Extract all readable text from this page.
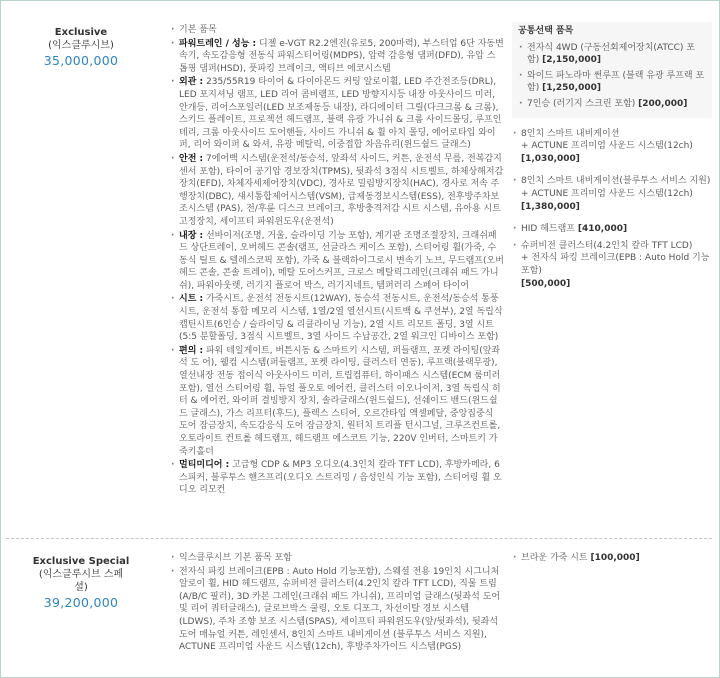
Exclusive
(익스클루시브)
35,000,000
· 기본 품목
· 파워트레인 / 성능 : 디젤 e-VGT R2.2엔진(유로5, 200마력), 부스터업 6단 자동변속기, 속도감응형 전동식 파워스티어링(MDPS), 압력 감응형 댐퍼(DFD), 유압 스톱핑 댐퍼(HSD), 풋파킹 브레이크, 액티브 에코시스템
· 외관 : 235/55R19 타이어 & 다이아몬드 커팅 알로이휠, LED 주간전조등(DRL), LED 포지셔닝 램프, LED 리어 콤비램프, LED 방향지시등 내장 아웃사이드 미러, 안개등, 리어스포일러(LED 보조제동등 내장), 라디에이터 그릴(다크크롬 & 크롬), 스키드 플레이트, 프로젝션 헤드램프, 블랙 유광 가니쉬 & 크롬 사이드몰딩, 루프인테리, 크롬 아웃사이드 도어핸들, 사이드 가니쉬 & 휠 아치 몰딩, 에어로타입 와이퍼, 리어 와이퍼 & 와셔, 유광 메탈릭, 이중접합 차음유리(윈드쉴드 글래스)
· 안전 : 7에어백 시스템(운전석/동승석, 앞좌석 사이드, 커튼, 운전석 무릎, 전복감지센서 포함), 타이어 공기압 경보장치(TPMS), 뒷좌석 3점식 시트벨트, 하체상해저감장치(EFD), 차체자세제어장치(VDC), 경사로 밀림방지장치(HAC), 경사로 저속 주행장치(DBC), 섀시통합제어시스템(VSM), 급제동경보시스템(ESS), 전후방주차보조시스템 (PAS), 전/후륜 디스크 브레이크, 후방충격저감 시트 시스템, 유아용 시트 고정장치, 세이프티 파워윈도우(운전석)
· 내장 : 선바이저(조명, 거울, 슬라이딩 기능 포함), 계기판 조명조절장치, 크래쉬패드 상단트레이, 오버헤드 콘솔(램프, 선글라스 케이스 포함), 스티어링 휠(가죽, 수동식 틸트 & 텔레스코픽 포함), 가죽 & 블랙하이그로시 변속기 노브, 무드램프(오버헤드 콘솔, 콘솔 트레이), 메탈 도어스커프, 크로스 메탈릭그레인(크래쉬 패드 가니쉬), 파워아웃렛, 러기지 플로어 박스, 러기지네트, 템퍼러리 스페어 타이어
· 시트 : 가죽시트, 운전석 전동시트(12WAY), 동승석 전동시트, 운전석/동승석 통풍시트, 운전석 통합 메모리 시스템, 1열/2열 열선시트(시트백 & 쿠션부), 2열 독립식 캡틴시트(6인승 / 슬라이딩 & 리클라이닝 기능), 2열 시트 리모트 폴딩, 3열 시트(5:5 분할폴딩, 3점식 시트벨트, 3열 사이드 수납공간, 2열 워크인 디바이스 포함)
· 편의 : 파워 테일게이트, 버튼시동 & 스마트키 시스템, 퍼들램프, 포켓 라이팅(앞좌석 도 어), 웰컴 시스템(퍼들램프, 포켓 라이팅, 클러스터 연동), 루프랙(블랙무광), 열선내장 전동 접이식 아웃사이드 미러, 트립컴퓨터, 하이패스 시스템(ECM 룸미러 포함), 열선 스티어링 휠, 듀얼 풀오토 에어컨, 클러스터 이오나이저, 3열 독립식 히터 & 에어컨, 와이퍼 결빙방지 장치, 솔라글래스(윈드쉴드), 선쉐이드 밴드(윈드쉴드 글래스), 가스 리프터(후드), 플렉스 스티어, 오르간타입 액셀페달, 중앙집중식 도어 잠금장치, 속도감응식 도어 잠금장치, 원터치 트리플 턴시그널, 크루즈컨트롤, 오토라이트 컨트롤 헤드램프, 헤드램프 에스코트 기능, 220V 인버터, 스마트키 가죽키홀더
· 멀티미디어 : 고급형 CDP & MP3 오디오(4.3인치 칼라 TFT LCD), 후방카메라, 6스피커, 블루투스 핸즈프리(오디오 스트리밍 / 음성인식 기능 포함), 스티어링 휠 오디오 리모컨
공통선택 품목
· 전자식 4WD (구동선회제어장치(ATCC) 포함) [2,150,000]
· 와이드 파노라마 썬루프 (블랙 유광 루프랙 포함) [1,250,000]
· 7인승 (러기지 스크린 포함) [200,000]
· 8인치 스마트 내비게이션
+ ACTUNE 프리미엄 사운드 시스템(12ch)
[1,030,000]
· 8인치 스마트 내비게이션(블루투스 서비스 지원)
+ ACTUNE 프리미엄 사운드 시스템(12ch)
[1,380,000]
· HID 헤드램프 [410,000]
· 슈퍼비전 클러스터(4.2인치 칼라 TFT LCD)
+ 전자식 파킹 브레이크(EPB : Auto Hold 기능포함)
[500,000]
Exclusive Special
(익스클루시브 스페셜)
39,200,000
· 익스클루시브 기본 품목 포함
· 전자식 파킹 브레이크(EPB : Auto Hold 기능포함), 스웨셜 전용 19인치 시그니처 알로이 휠, HID 헤드램프, 슈퍼비전 클러스터(4.2인치 칼라 TFT LCD), 직물 트림(A/B/C 필러), 3D 카본 그레인(크래쉬 패드 가니쉬), 프리미엄 글래스(뒷좌석 도어 및 리어 쿼터글래스), 글로브박스 쿨링, 오토 디포그, 차선이탈 경보 시스템(LDWS), 주차 조향 보조 시스템(SPAS), 세이프티 파워윈도우(앞/뒷좌석), 뒷좌석 도어 매뉴얼 커튼, 레인센서, 8인치 스마트 내비게이션 (블루투스 서비스 지원), ACTUNE 프리미엄 사운드 시스템(12ch), 후방주차가이드 시스템(PGS)
· 브라운 가죽 시트 [100,000]
